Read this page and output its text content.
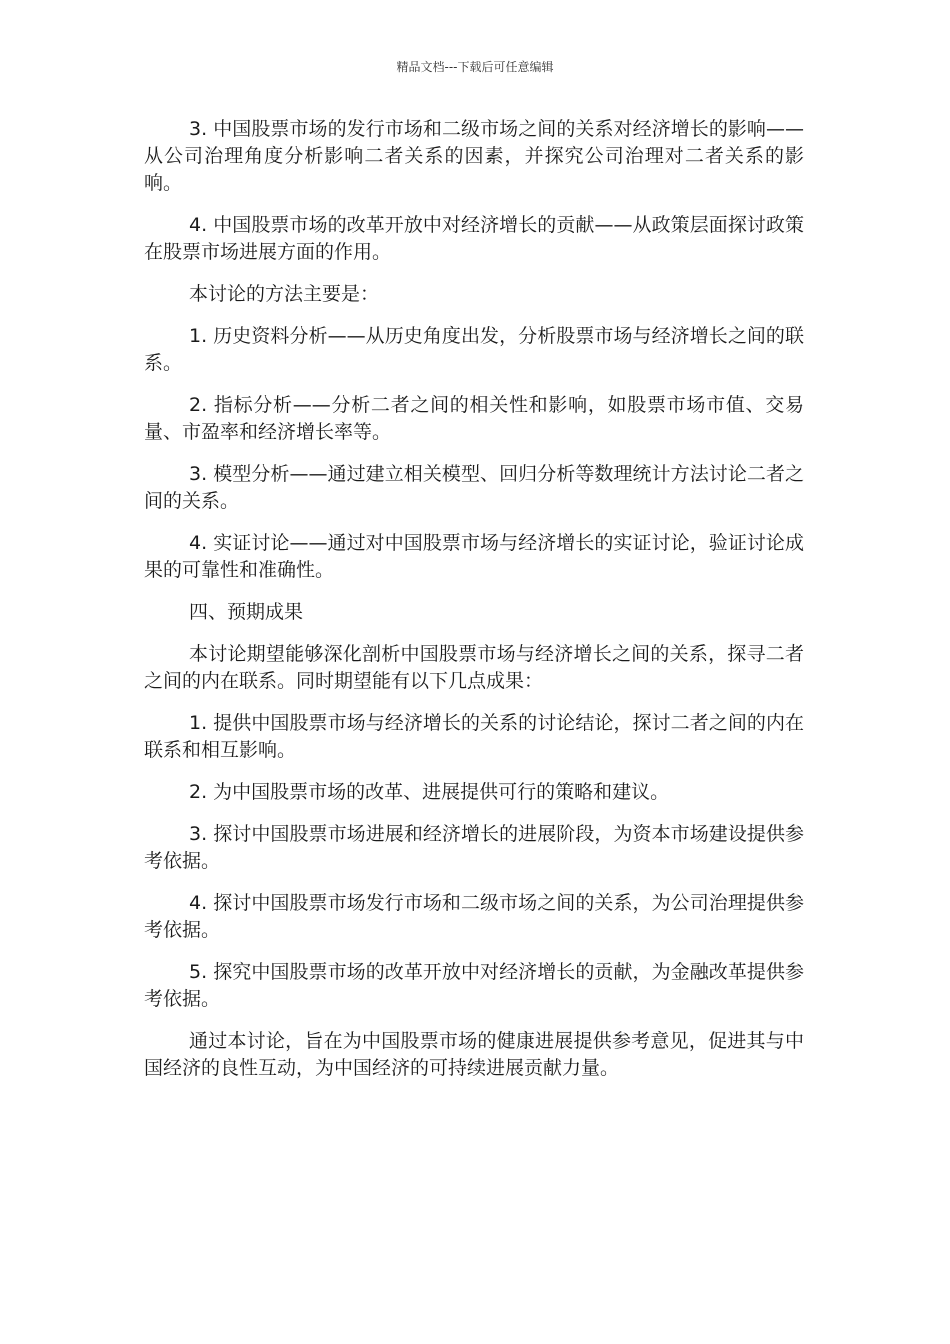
精品文档---下载后可任意编辑

3. 中国股票市场的发行市场和二级市场之间的关系对经济增长的影响——从公司治理角度分析影响二者关系的因素，并探究公司治理对二者关系的影响。

4. 中国股票市场的改革开放中对经济增长的贡献——从政策层面探讨政策在股票市场进展方面的作用。

本讨论的方法主要是：

1. 历史资料分析——从历史角度出发，分析股票市场与经济增长之间的联系。

2. 指标分析——分析二者之间的相关性和影响，如股票市场市值、交易量、市盈率和经济增长率等。

3. 模型分析——通过建立相关模型、回归分析等数理统计方法讨论二者之间的关系。

4. 实证讨论——通过对中国股票市场与经济增长的实证讨论，验证讨论成果的可靠性和准确性。

四、预期成果

本讨论期望能够深化剖析中国股票市场与经济增长之间的关系，探寻二者之间的内在联系。同时期望能有以下几点成果：

1. 提供中国股票市场与经济增长的关系的讨论结论，探讨二者之间的内在联系和相互影响。

2. 为中国股票市场的改革、进展提供可行的策略和建议。

3. 探讨中国股票市场进展和经济增长的进展阶段，为资本市场建设提供参考依据。

4. 探讨中国股票市场发行市场和二级市场之间的关系，为公司治理提供参考依据。

5. 探究中国股票市场的改革开放中对经济增长的贡献，为金融改革提供参考依据。

通过本讨论，旨在为中国股票市场的健康进展提供参考意见，促进其与中国经济的良性互动，为中国经济的可持续进展贡献力量。
